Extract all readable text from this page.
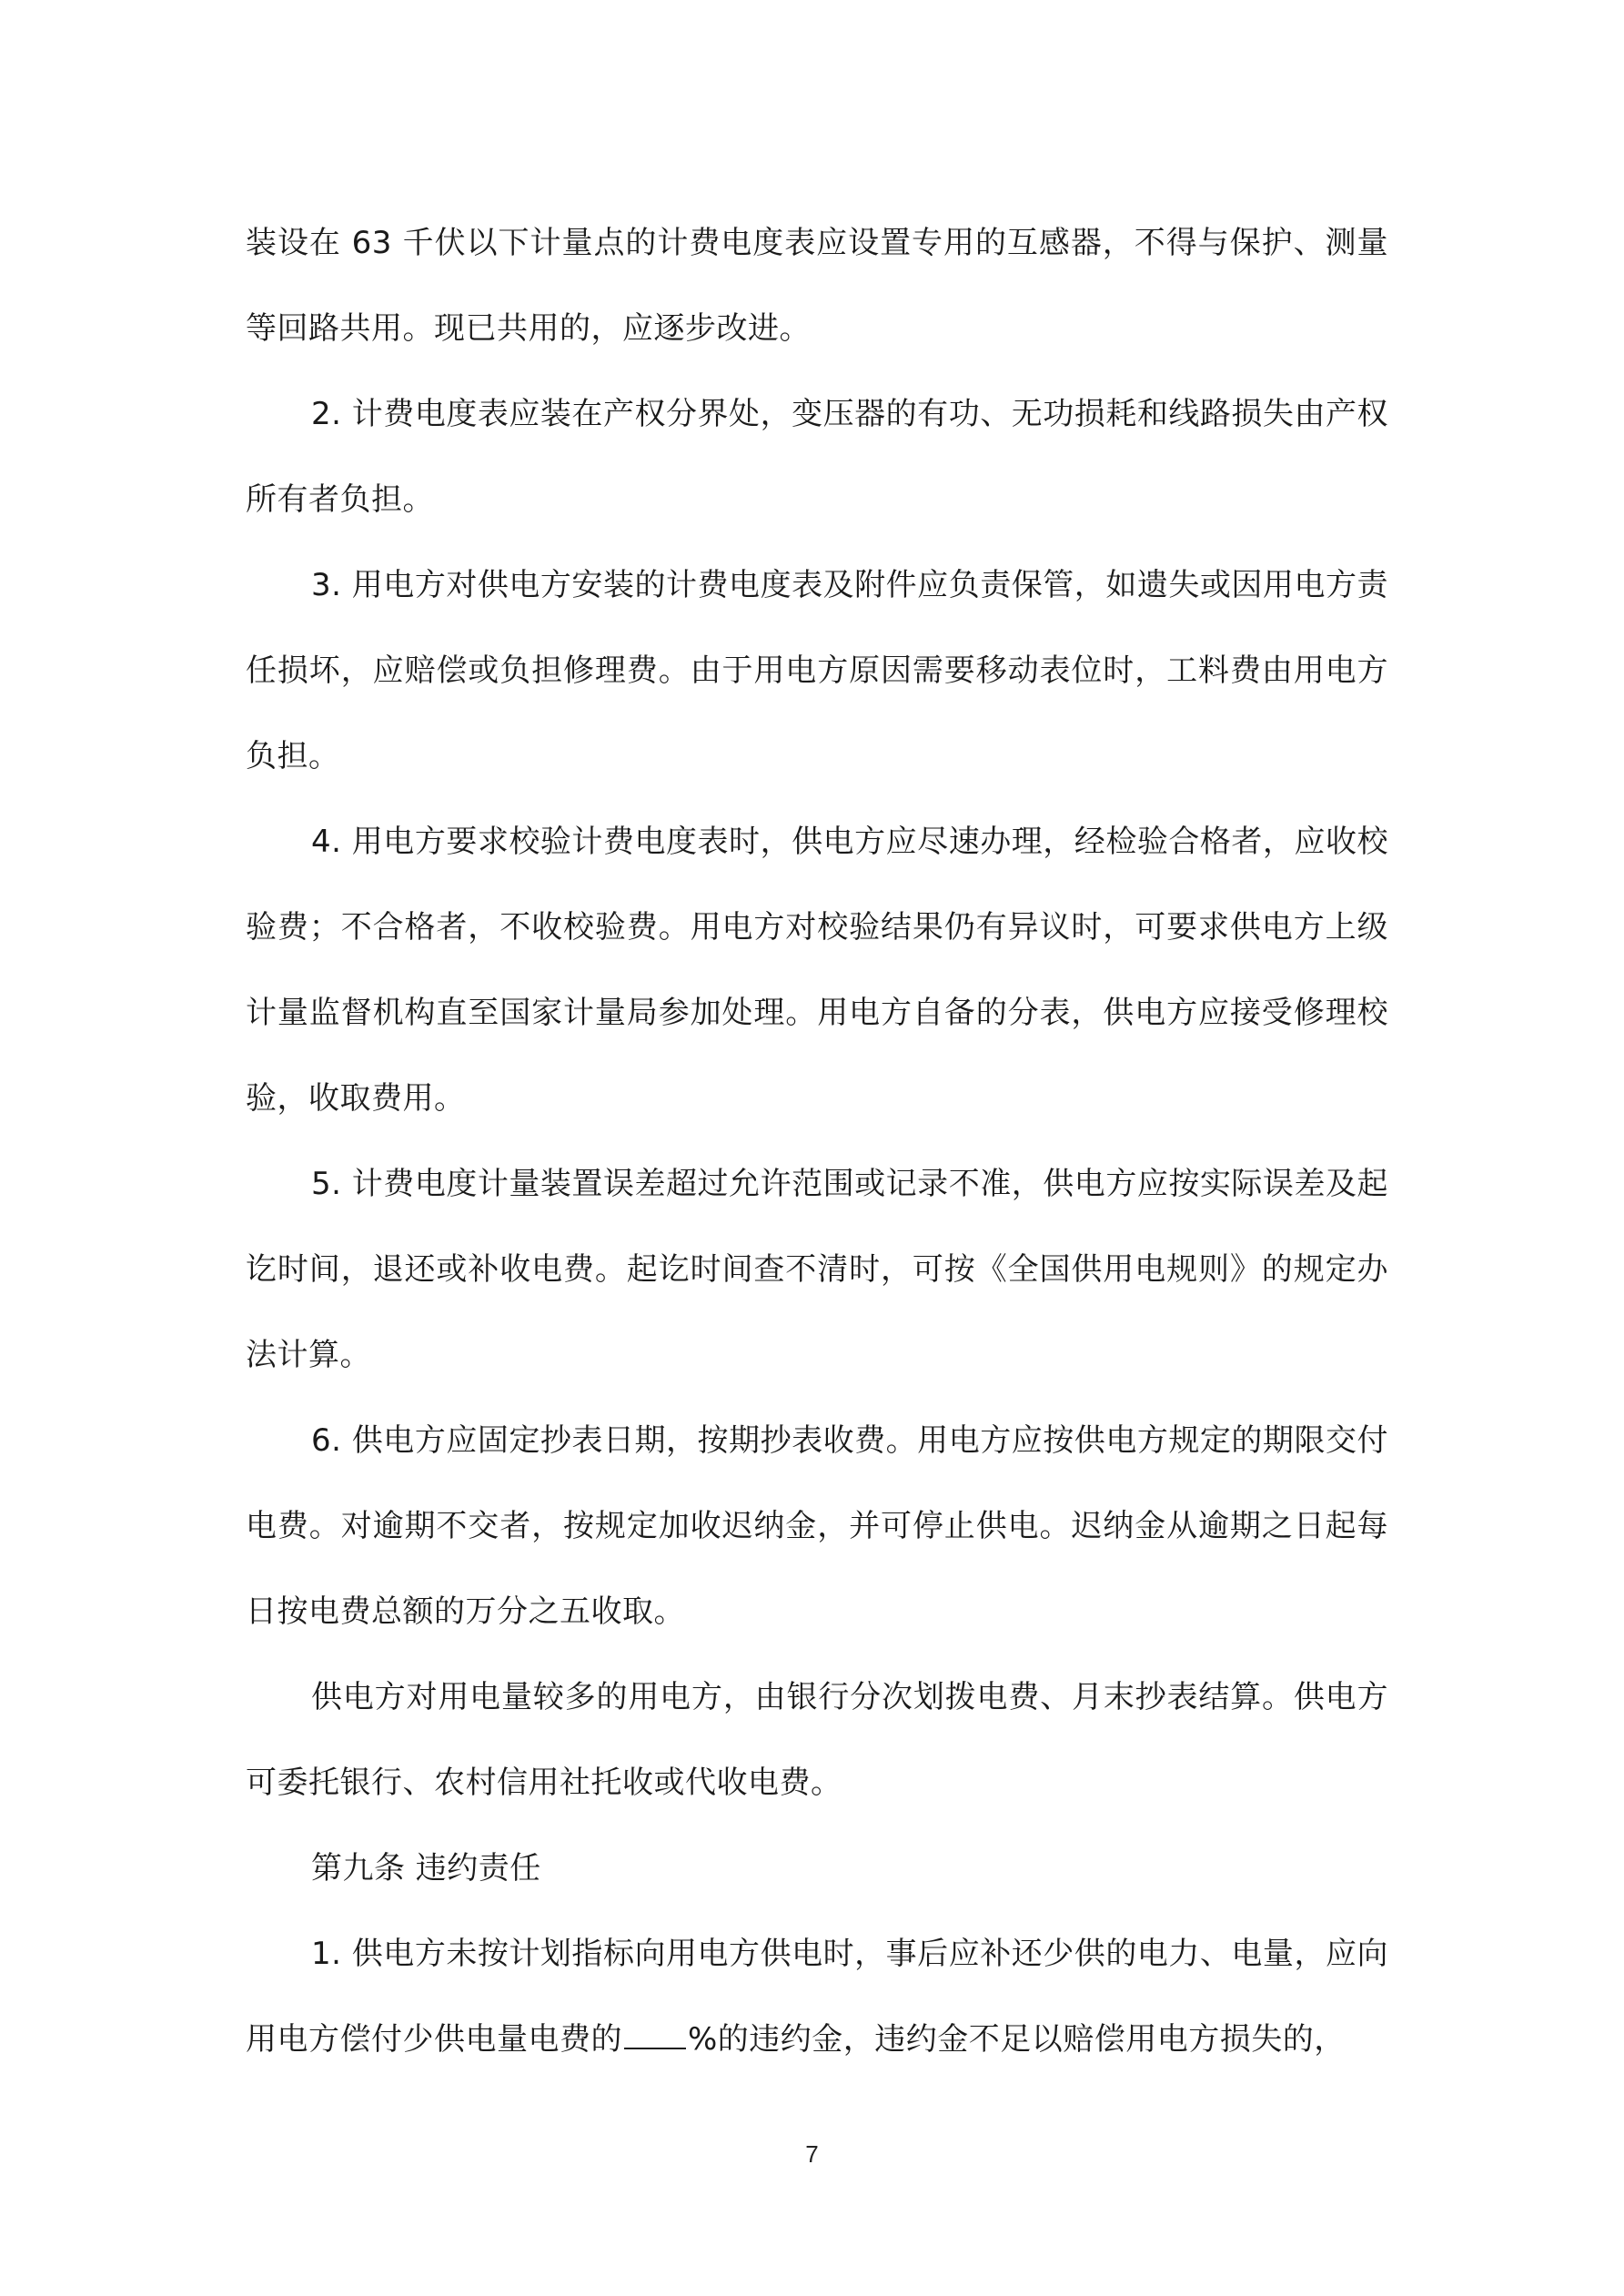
装设在 63 千伏以下计量点的计费电度表应设置专用的互感器，不得与保护、测量等回路共用。现已共用的，应逐步改进。

2. 计费电度表应装在产权分界处，变压器的有功、无功损耗和线路损失由产权所有者负担。

3. 用电方对供电方安装的计费电度表及附件应负责保管，如遗失或因用电方责任损坏，应赔偿或负担修理费。由于用电方原因需要移动表位时，工料费由用电方负担。

4. 用电方要求校验计费电度表时，供电方应尽速办理，经检验合格者，应收校验费；不合格者，不收校验费。用电方对校验结果仍有异议时，可要求供电方上级计量监督机构直至国家计量局参加处理。用电方自备的分表，供电方应接受修理校验，收取费用。

5. 计费电度计量装置误差超过允许范围或记录不准，供电方应按实际误差及起讫时间，退还或补收电费。起讫时间查不清时，可按《全国供用电规则》的规定办法计算。

6. 供电方应固定抄表日期，按期抄表收费。用电方应按供电方规定的期限交付电费。对逾期不交者，按规定加收迟纳金，并可停止供电。迟纳金从逾期之日起每日按电费总额的万分之五收取。

供电方对用电量较多的用电方，由银行分次划拨电费、月末抄表结算。供电方可委托银行、农村信用社托收或代收电费。

第九条 违约责任

1. 供电方未按计划指标向用电方供电时，事后应补还少供的电力、电量，应向用电方偿付少供电量电费的 %的违约金，违约金不足以赔偿用电方损失的，

7
